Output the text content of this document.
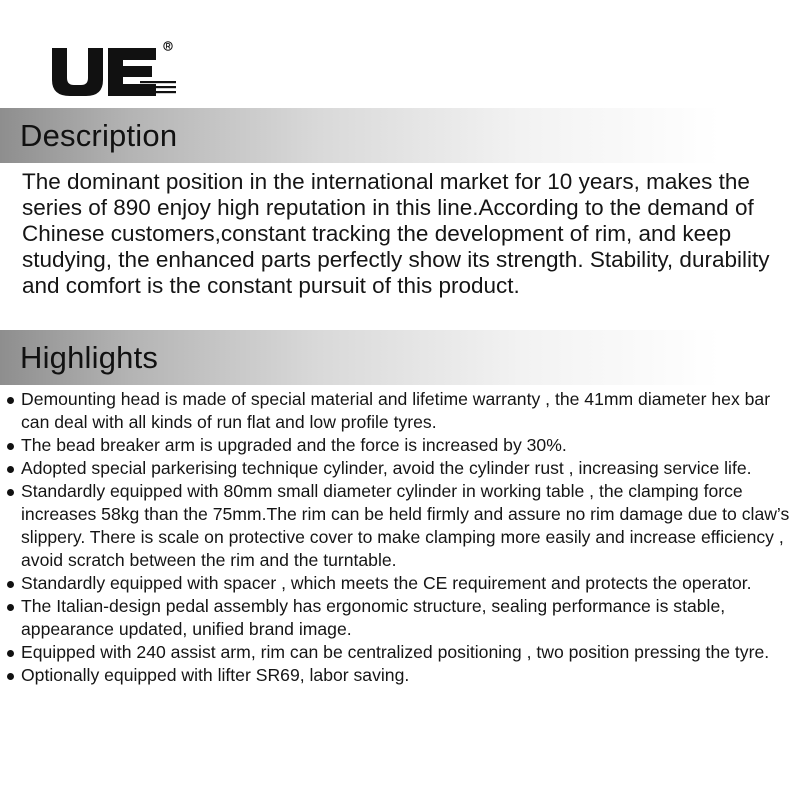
Description

The dominant position in the international market for 10 years, makes the series of 890 enjoy high reputation in this line.According to the demand of Chinese customers,constant tracking the development of rim, and keep studying, the enhanced parts perfectly show its strength. Stability, durability and comfort is the constant pursuit of this product.

Highlights
Demounting head is made of special material and lifetime warranty , the 41mm diameter hex bar can deal with all kinds of run flat and low profile tyres.
The bead breaker arm is upgraded and the force is increased by 30%.
Adopted special parkerising technique cylinder, avoid the cylinder rust , increasing service life.
Standardly equipped with 80mm small diameter cylinder in working table , the clamping force increases 58kg than the 75mm.The rim can be held firmly and assure no rim damage due to claw’s slippery. There is scale on protective cover to make clamping more easily and increase efficiency , avoid scratch between the rim and the turntable.
Standardly equipped with spacer , which meets the CE requirement and protects the operator.
The Italian-design pedal assembly has ergonomic structure, sealing performance is stable, appearance updated, unified brand image.
Equipped with 240 assist arm, rim can be centralized positioning , two position pressing the tyre.
Optionally equipped with lifter SR69, labor saving.
